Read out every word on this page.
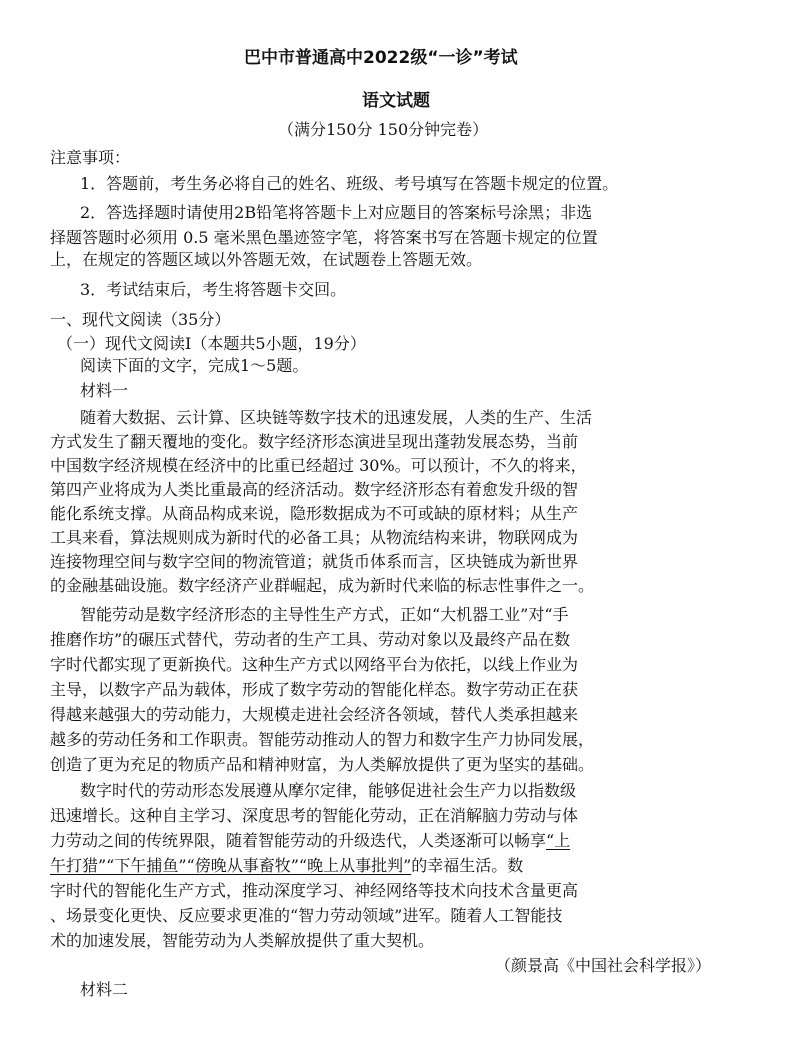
巴中市普通高中2022级“一诊”考试
语文试题
（满分150分 150分钟完卷）
注意事项：
1．答题前，考生务必将自己的姓名、班级、考号填写在答题卡规定的位置。
2．答选择题时请使用2B铅笔将答题卡上对应题目的答案标号涂黑；非选
择题答题时必须用 0.5 毫米黑色墨迹签字笔，将答案书写在答题卡规定的位置
上，在规定的答题区域以外答题无效，在试题卷上答题无效。
3．考试结束后，考生将答题卡交回。
一、现代文阅读（35分）
（一）现代文阅读Ⅰ（本题共5小题，19分）
阅读下面的文字，完成1～5题。
材料一
随着大数据、云计算、区块链等数字技术的迅速发展，人类的生产、生活
方式发生了翻天覆地的变化。数字经济形态演进呈现出蓬勃发展态势，当前
中国数字经济规模在经济中的比重已经超过 30%。可以预计，不久的将来，
第四产业将成为人类比重最高的经济活动。数字经济形态有着愈发升级的智
能化系统支撑。从商品构成来说，隐形数据成为不可或缺的原材料；从生产
工具来看，算法规则成为新时代的必备工具；从物流结构来讲，物联网成为
连接物理空间与数字空间的物流管道；就货币体系而言，区块链成为新世界
的金融基础设施。数字经济产业群崛起，成为新时代来临的标志性事件之一。
智能劳动是数字经济形态的主导性生产方式，正如“大机器工业”对“手
推磨作坊”的碾压式替代，劳动者的生产工具、劳动对象以及最终产品在数
字时代都实现了更新换代。这种生产方式以网络平台为依托，以线上作业为
主导，以数字产品为载体，形成了数字劳动的智能化样态。数字劳动正在获
得越来越强大的劳动能力，大规模走进社会经济各领域，替代人类承担越来
越多的劳动任务和工作职责。智能劳动推动人的智力和数字生产力协同发展，
创造了更为充足的物质产品和精神财富，为人类解放提供了更为坚实的基础。
数字时代的劳动形态发展遵从摩尔定律，能够促进社会生产力以指数级
迅速增长。这种自主学习、深度思考的智能化劳动，正在消解脑力劳动与体
力劳动之间的传统界限，随着智能劳动的升级迭代，人类逐渐可以畅享“上
午打猎”“下午捕鱼”“傍晚从事畜牧”“晚上从事批判”的幸福生活。数
字时代的智能化生产方式，推动深度学习、神经网络等技术向技术含量更高
、场景变化更快、反应要求更准的“智力劳动领域”进军。随着人工智能技
术的加速发展，智能劳动为人类解放提供了重大契机。
（颜景高《中国社会科学报》）
材料二
